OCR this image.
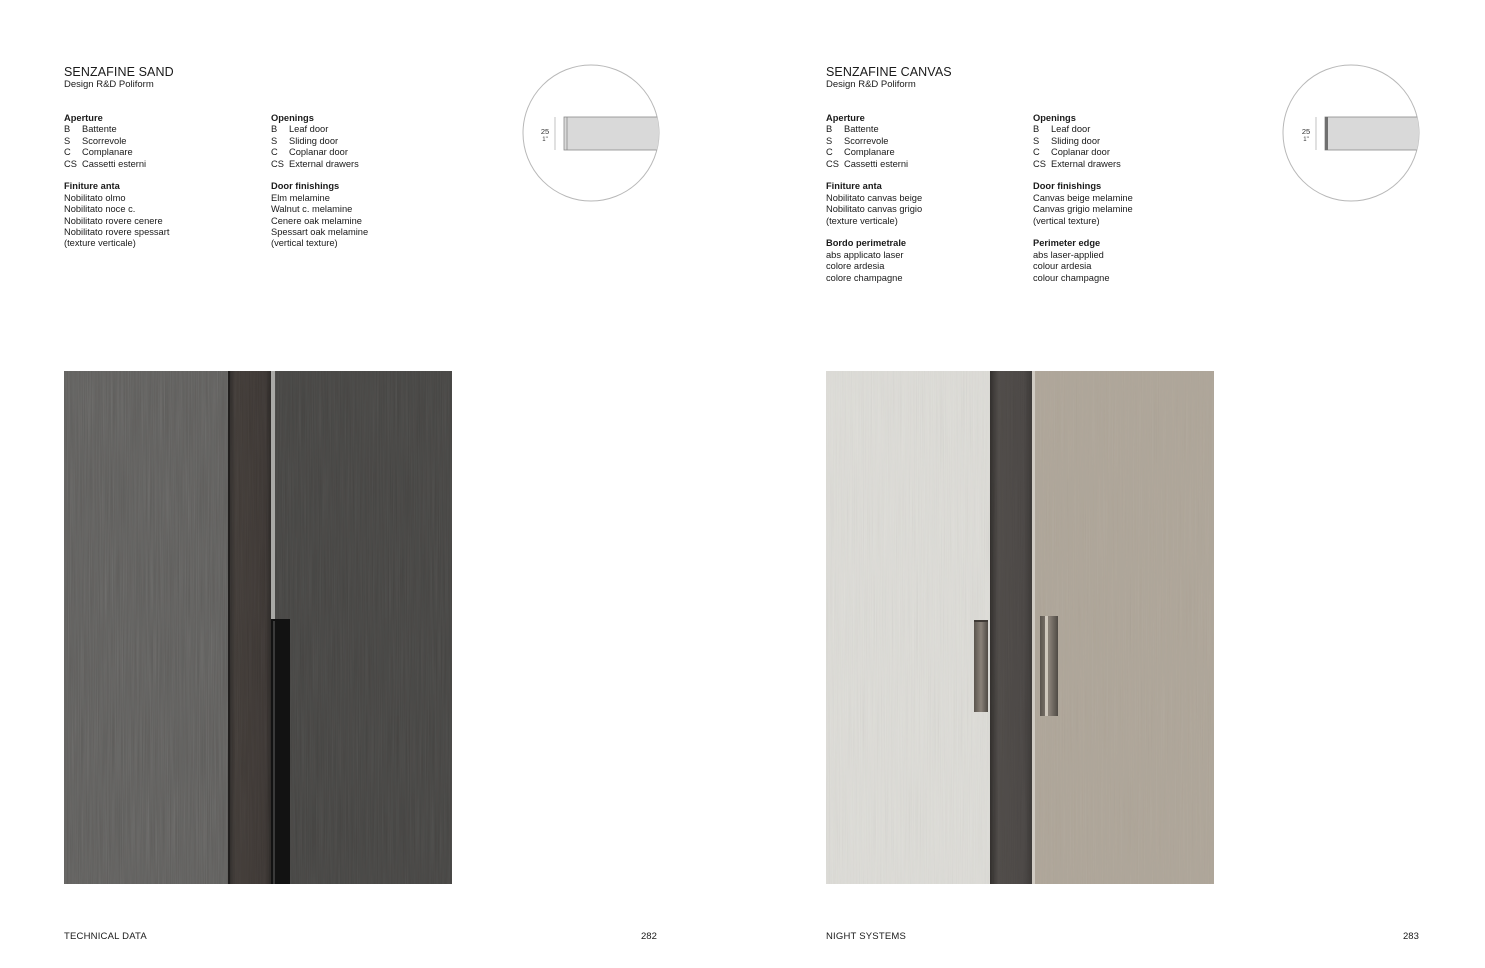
SENZAFINE SAND
Design R&D Poliform
Aperture
B	Battente
S	Scorrevole
C	Complanare
CS Cassetti esterni
Finiture anta
Nobilitato olmo
Nobilitato noce c.
Nobilitato rovere cenere
Nobilitato rovere spessart
(texture verticale)
Openings
B	Leaf door
S	Sliding door
C	Coplanar door
CS External drawers
Door finishings
Elm melamine
Walnut c. melamine
Cenere oak melamine
Spessart oak melamine
(vertical texture)
25
1"
TECHNICAL DATA	282
SENZAFINE CANVAS
Design R&D Poliform
Aperture
B	Battente
S	Scorrevole
C	Complanare
CS Cassetti esterni
Finiture anta
Nobilitato canvas beige
Nobilitato canvas grigio
(texture verticale)
Bordo perimetrale
abs applicato laser
colore ardesia
colore champagne
Openings
B	Leaf door
S	Sliding door
C	Coplanar door
CS External drawers
Door finishings
Canvas beige melamine
Canvas grigio melamine
(vertical texture)
Perimeter edge
abs laser-applied
colour ardesia
colour champagne
25
1"
NIGHT SYSTEMS	283
